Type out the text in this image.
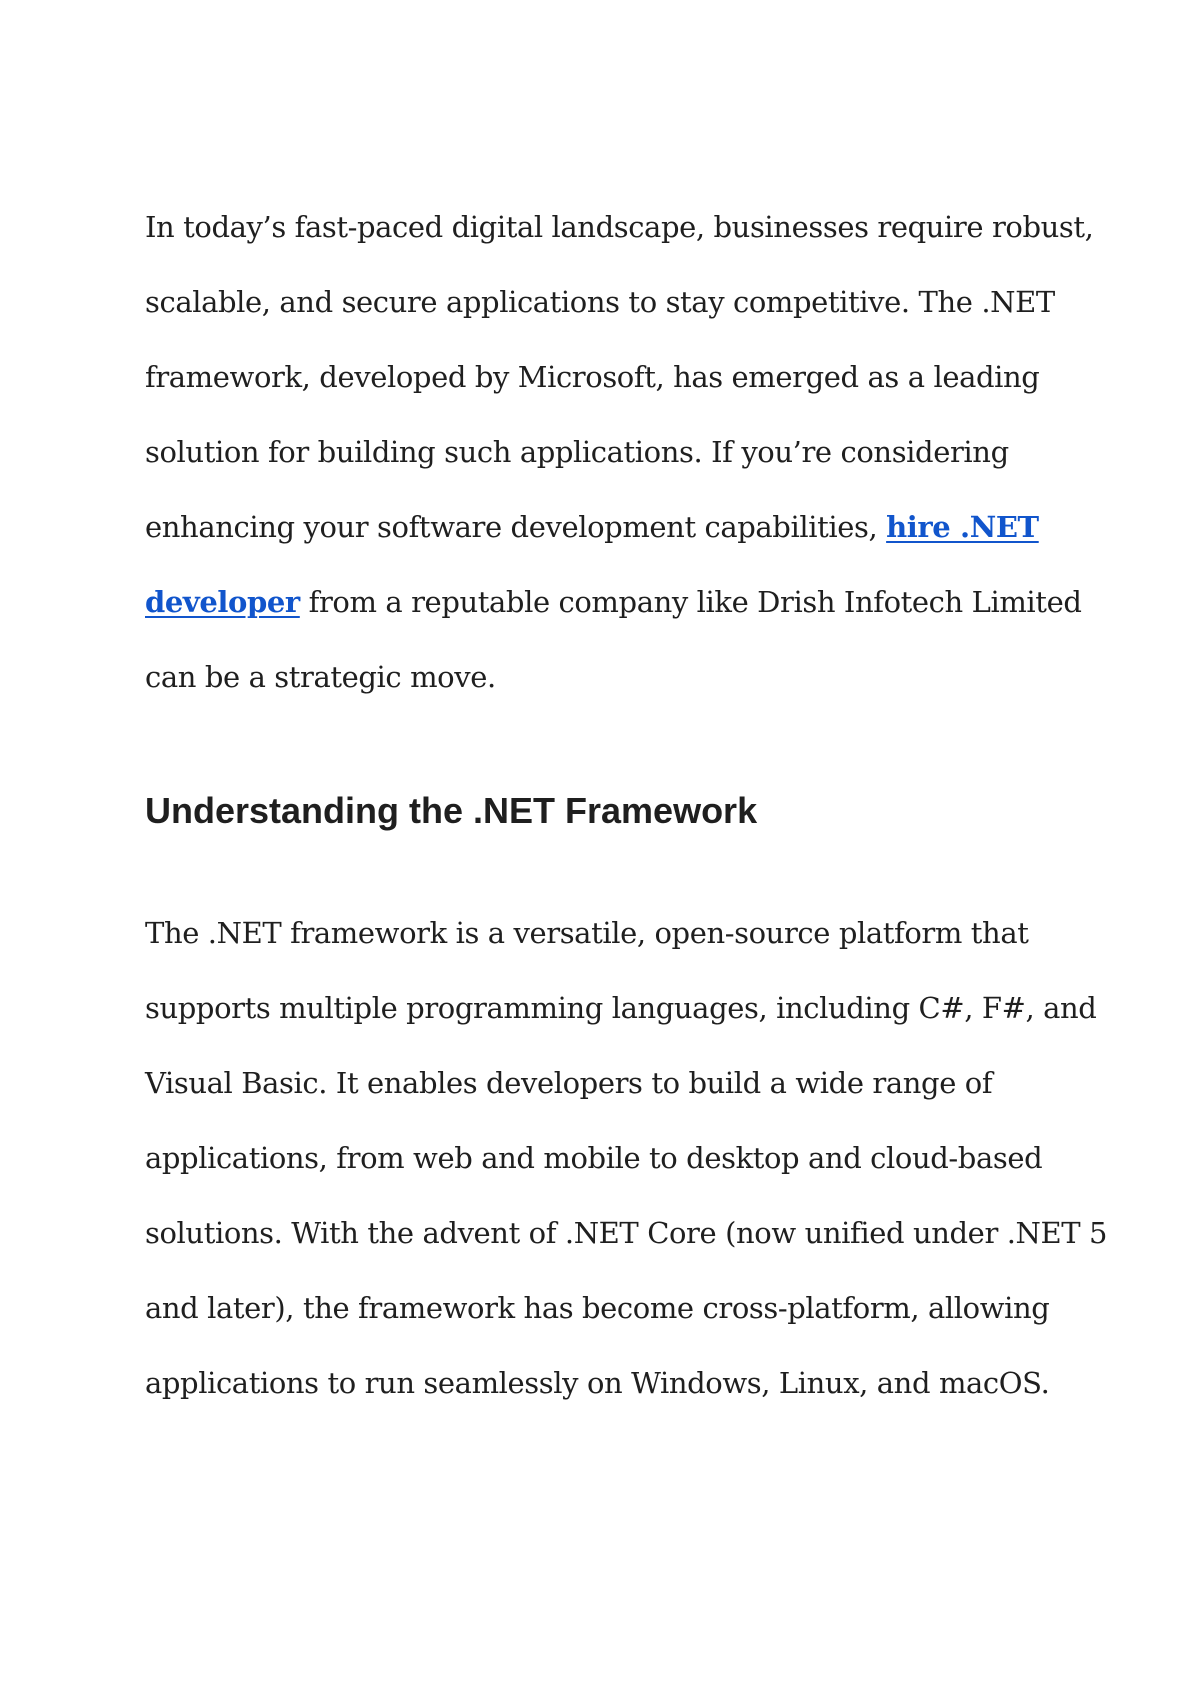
In today’s fast-paced digital landscape, businesses require robust,
scalable, and secure applications to stay competitive. The .NET
framework, developed by Microsoft, has emerged as a leading
solution for building such applications. If you’re considering
enhancing your software development capabilities, hire .NET
developer from a reputable company like Drish Infotech Limited
can be a strategic move.

Understanding the .NET Framework

The .NET framework is a versatile, open-source platform that
supports multiple programming languages, including C#, F#, and
Visual Basic. It enables developers to build a wide range of
applications, from web and mobile to desktop and cloud-based
solutions. With the advent of .NET Core (now unified under .NET 5
and later), the framework has become cross-platform, allowing
applications to run seamlessly on Windows, Linux, and macOS.
